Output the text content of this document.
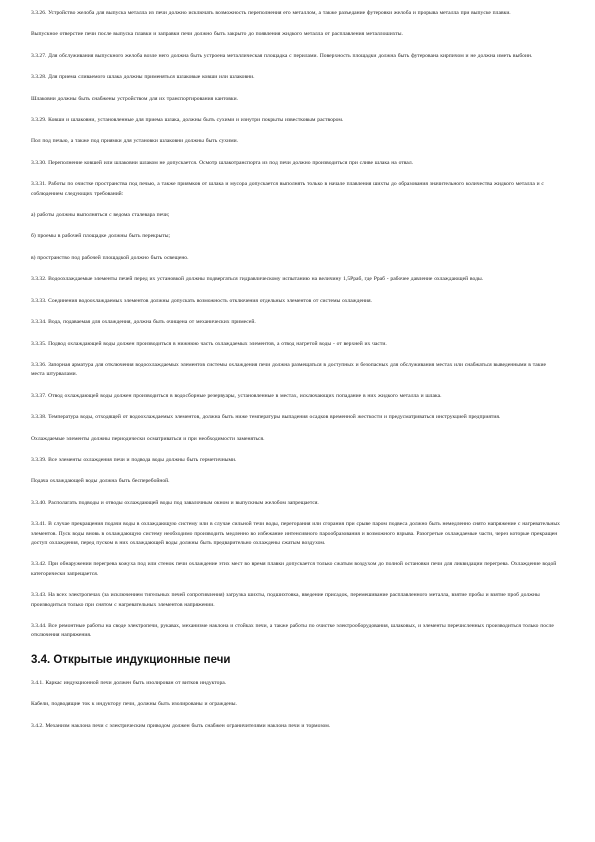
3.3.26. Устройство желоба для выпуска металла из печи должно исключать возможность переполнения его металлом, а также разъедание футеровки желоба и прорыва металла при выпуске плавки.

Выпускное отверстие печи после выпуска плавки и заправки печи должно быть закрыто до появления жидкого металла от расплавления металлошихты.

3.3.27. Для обслуживания выпускного желоба возле него должна быть устроена металлическая площадка с перилами. Поверхность площадки должна быть футерована кирпичом и не должна иметь выбоин.

3.3.28. Для приема сливаемого шлака должны применяться шлаковые ковши или шлаковни.

Шлаковни должны быть снабжены устройством для их транспортирования кантовки.

3.3.29. Ковши и шлаковни, установленные для приема шлака, должны быть сухими и изнутри покрыты известковым раствором.

Пол под печью, а также под приямки для установки шлаковни должны быть сухими.

3.3.30. Переполнение ковшей или шлаковни шлаком не допускается. Осмотр шлакотранспорта из под печи должно производиться при сливе шлака на отвал.

3.3.31. Работы по очистке пространства под печью, а также приямков от шлака и мусора допускается выполнять только в начале плавления шихты до образования значительного количества жидкого металла и с соблюдением следующих требований:

а) работы должны выполняться с ведома сталевара печи;

б) проемы в рабочей площадке должны быть перекрыты;

в) пространство под рабочей площадкой должно быть освещено.

3.3.32. Водоохлаждаемые элементы печей перед их установкой должны подвергаться гидравлическому испытанию на величину 1,5Рраб, где Рраб - рабочее давление охлаждающей воды.

3.3.33. Соединения водоохлаждаемых элементов должны допускать возможность отключения отдельных элементов от системы охлаждения.

3.3.34. Вода, подаваемая для охлаждения, должна быть очищена от механических примесей.

3.3.35. Подвод охлаждающей воды должен производиться в нижнюю часть охлаждаемых элементов, а отвод нагретой воды - от верхней их части.

3.3.36. Запорная арматура для отключения водоохлаждаемых элементов системы охлаждения печи должна размещаться в доступных и безопасных для обслуживания местах или снабжаться выведенными в такие места штурвалами.

3.3.37. Отвод охлаждающей воды должен производиться в водосборные резервуары, установленные в местах, исключающих попадание в них жидкого металла и шлака.

3.3.38. Температура воды, отходящей от водоохлаждаемых элементов, должна быть ниже температуры выпадения осадков временной жесткости и предусматриваться инструкцией предприятия.

Охлаждаемые элементы должны периодически осматриваться и при необходимости заменяться.

3.3.39. Все элементы охлаждения печи и подвода воды должны быть герметичными.

Подача охлаждающей воды должна быть бесперебойной.

3.3.40. Располагать подводы и отводы охлаждающей воды под завалочным окном и выпускным желобом запрещается.

3.3.41. В случае прекращения подачи воды в охлаждающую систему или в случае сильной течи воды, перегорания или сгорания при срыве паром подвеса должно быть немедленно снято напряжение с нагревательных элементов. Пуск воды вновь в охлаждающую систему необходимо производить медленно во избежание интенсивного парообразования и возможного взрыва. Разогретые охлаждаемые части, через которые прекращен доступ охлаждения, перед пуском в них охлаждающей воды должны быть предварительно охлаждены сжатым воздухом.

3.3.42. При обнаружении перегрева кожуха под или стенок печи охлаждение этих мест во время плавки допускается только сжатым воздухом до полной остановки печи для ликвидации перегрева. Охлаждение водой категорически запрещается.

3.3.43. На всех электропечах (за исключением тигельных печей сопротивления) загрузка шихты, подшихтовка, введение присадок, перемешивание расплавленного металла, взятие пробы и взятие проб должны производиться только при снятом с нагревательных элементов напряжении.

3.3.44. Все ремонтные работы на своде электропечи, рукавах, механизме наклона и стойках печи, а также работы по очистке электрооборудования, шлаковых, и элементы перечисленных производиться только после отключения напряжения.

3.4. Открытые индукционные печи

3.4.1. Каркас индукционной печи должен быть изолирован от витков индуктора.

Кабели, подводящие ток к индуктору печи, должны быть изолированы и ограждены.

3.4.2. Механизм наклона печи с электрическим приводом должен быть снабжен ограничителями наклона печи и тормозом.
